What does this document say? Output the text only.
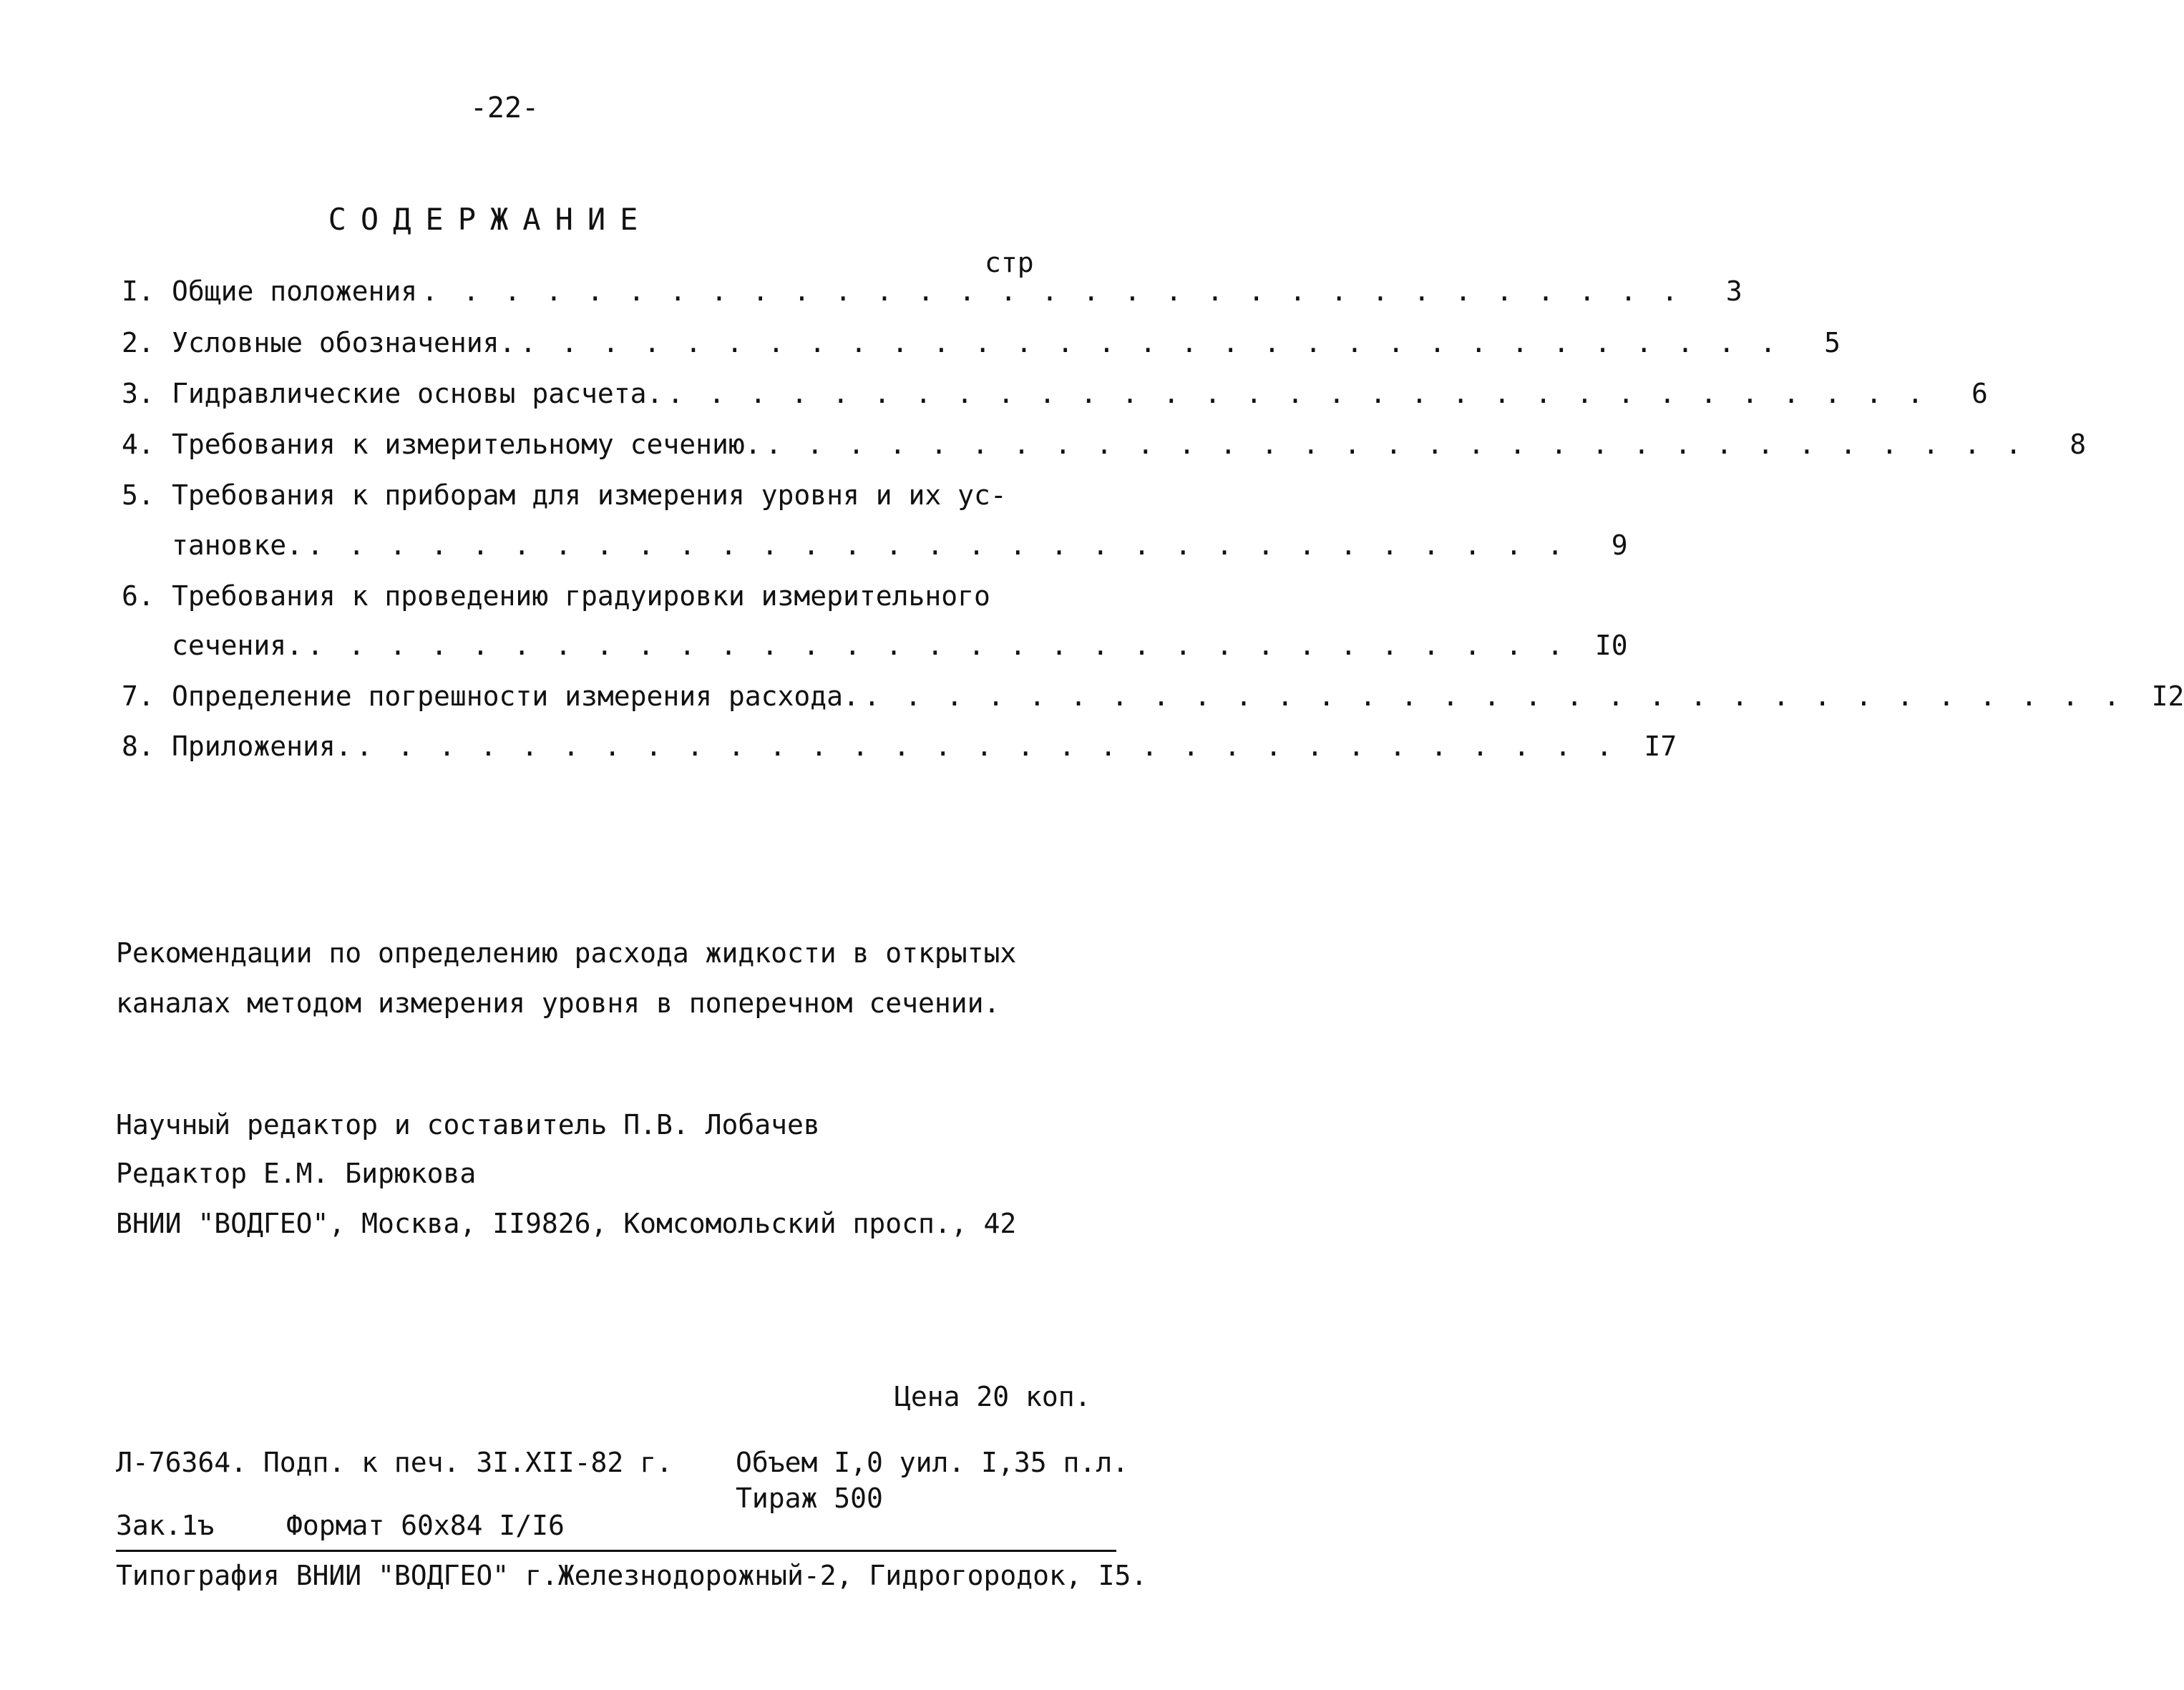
-22-
СОДЕРЖАНИЕ
стр
I. Общие положения . . . . . . . . . . . . . . . . . . . . . . . . . . . . . . .	3
2. Условные обозначения. . . . . . . . . . . . . . . . . . . . . . . . . . . . . . . .	5
3. Гидравлические основы расчета. . . . . . . . . . . . . . . . . . . . . . . . . . . . . . . .	6
4. Требования к измерительному сечению. . . . . . . . . . . . . . . . . . . . . . . . . . . . . . . .	8
5. Требования к приборам для измерения уровня и их ус-
тановке. . . . . . . . . . . . . . . . . . . . . . . . . . . . . . . .	9
6. Требования к проведению градуировки измерительного
сечения. . . . . . . . . . . . . . . . . . . . . . . . . . . . . . . .	I0
7. Определение погрешности измерения расхода. . . . . . . . . . . . . . . . . . . . . . . . . . . . . . . .	I2
8. Приложения. . . . . . . . . . . . . . . . . . . . . . . . . . . . . . . .	I7
Рекомендации по определению расхода жидкости в открытых
каналах методом измерения уровня в поперечном сечении.
Научный редактор и составитель П.В. Лобачев
Редактор Е.М. Бирюкова
ВНИИ "ВОДГЕО", Москва, II9826, Комсомольский просп., 42
Цена 20 коп.
Л-76364. Подп. к печ. 3I.XII-82 г. Объем I,0 уил. I,35 п.л.
Тираж 500
Зак.1ъ	Формат 60х84 I/I6
Типография ВНИИ "ВОДГЕО" г.Железнодорожный-2, Гидрогородок, I5.
